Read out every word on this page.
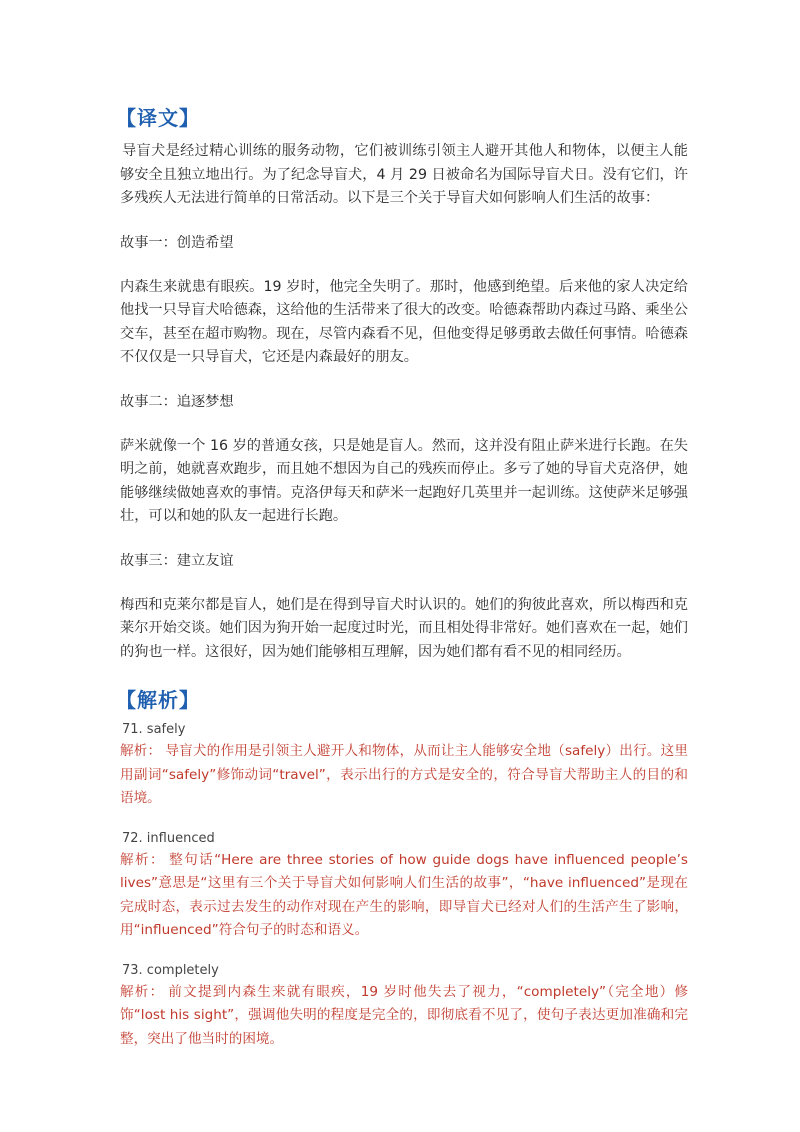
【译文】

导盲犬是经过精心训练的服务动物，它们被训练引领主人避开其他人和物体，以便主人能够安全且独立地出行。为了纪念导盲犬，4 月 29 日被命名为国际导盲犬日。没有它们，许多残疾人无法进行简单的日常活动。以下是三个关于导盲犬如何影响人们生活的故事：

故事一：创造希望

内森生来就患有眼疾。19 岁时，他完全失明了。那时，他感到绝望。后来他的家人决定给他找一只导盲犬哈德森，这给他的生活带来了很大的改变。哈德森帮助内森过马路、乘坐公交车，甚至在超市购物。现在，尽管内森看不见，但他变得足够勇敢去做任何事情。哈德森不仅仅是一只导盲犬，它还是内森最好的朋友。

故事二：追逐梦想

萨米就像一个 16 岁的普通女孩，只是她是盲人。然而，这并没有阻止萨米进行长跑。在失明之前，她就喜欢跑步，而且她不想因为自己的残疾而停止。多亏了她的导盲犬克洛伊，她能够继续做她喜欢的事情。克洛伊每天和萨米一起跑好几英里并一起训练。这使萨米足够强壮，可以和她的队友一起进行长跑。

故事三：建立友谊

梅西和克莱尔都是盲人，她们是在得到导盲犬时认识的。她们的狗彼此喜欢，所以梅西和克莱尔开始交谈。她们因为狗开始一起度过时光，而且相处得非常好。她们喜欢在一起，她们的狗也一样。这很好，因为她们能够相互理解，因为她们都有看不见的相同经历。

【解析】
71. safely

解析： 导盲犬的作用是引领主人避开人和物体，从而让主人能够安全地（safely）出行。这里用副词“safely”修饰动词“travel”，表示出行的方式是安全的，符合导盲犬帮助主人的目的和语境。

72. influenced

解析： 整句话“Here are three stories of how guide dogs have influenced people’s lives”意思是“这里有三个关于导盲犬如何影响人们生活的故事”，“have influenced”是现在完成时态，表示过去发生的动作对现在产生的影响，即导盲犬已经对人们的生活产生了影响，用“influenced”符合句子的时态和语义。

73. completely

解析： 前文提到内森生来就有眼疾，19 岁时他失去了视力，“completely”（完全地）修饰“lost his sight”，强调他失明的程度是完全的，即彻底看不见了，使句子表达更加准确和完整，突出了他当时的困境。
